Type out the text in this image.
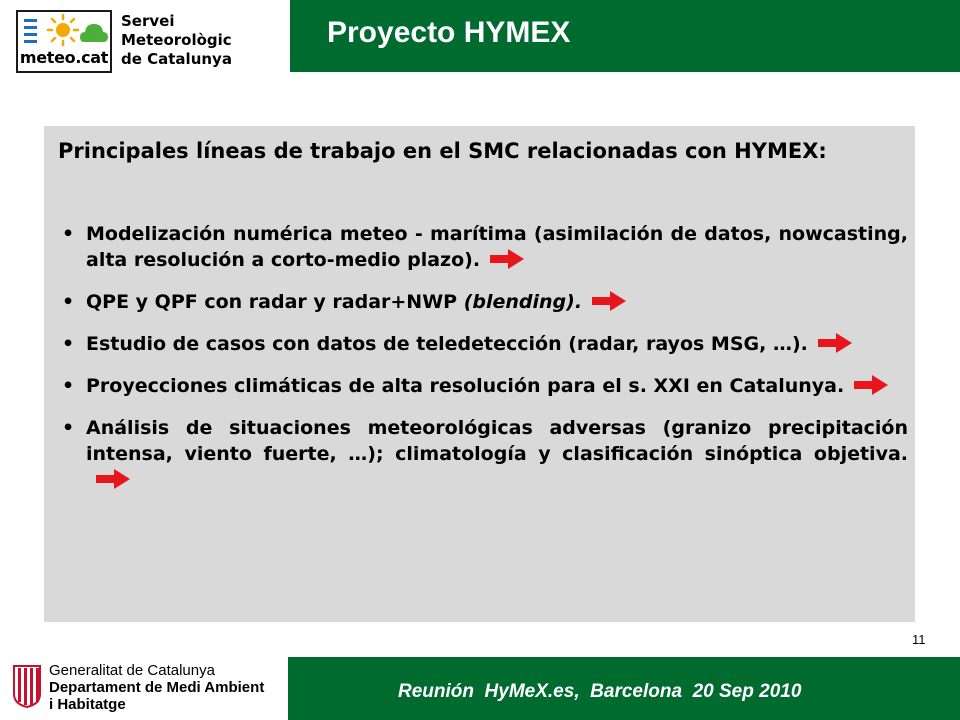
meteo.cat
Servei
Meteorològic
de Catalunya
Proyecto HYMEX
Principales líneas de trabajo en el SMC relacionadas con HYMEX:
• Modelización numérica meteo - marítima (asimilación de datos, nowcasting, alta resolución a corto-medio plazo).
• QPE y QPF con radar y radar+NWP (blending).
• Estudio de casos con datos de teledetección (radar, rayos MSG, …).
• Proyecciones climáticas de alta resolución para el s. XXI en Catalunya.
• Análisis de situaciones meteorológicas adversas (granizo precipitación intensa, viento fuerte, …); climatología y clasificación sinóptica objetiva.
11
Generalitat de Catalunya
Departament de Medi Ambient
i Habitatge
Reunión  HyMeX.es,  Barcelona  20 Sep 2010
